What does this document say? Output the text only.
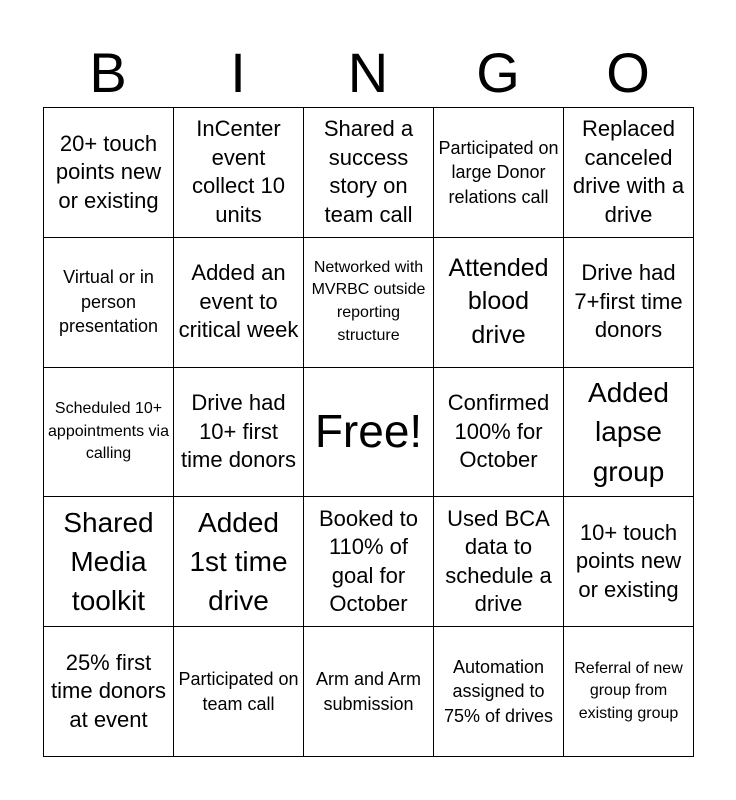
B	I	N	G	O
20+ touch points new or existing	InCenter event collect 10 units	Shared a success story on team call	Participated on large Donor relations call	Replaced canceled drive with a drive
Virtual or in person presentation	Added an event to critical week	Networked with MVRBC outside reporting structure	Attended blood drive	Drive had 7+first time donors
Scheduled 10+ appointments via calling	Drive had 10+ first time donors	Free!	Confirmed 100% for October	Added lapse group
Shared Media toolkit	Added 1st time drive	Booked to 110% of goal for October	Used BCA data to schedule a drive	10+ touch points new or existing
25% first time donors at event	Participated on team call	Arm and Arm submission	Automation assigned to 75% of drives	Referral of new group from existing group
